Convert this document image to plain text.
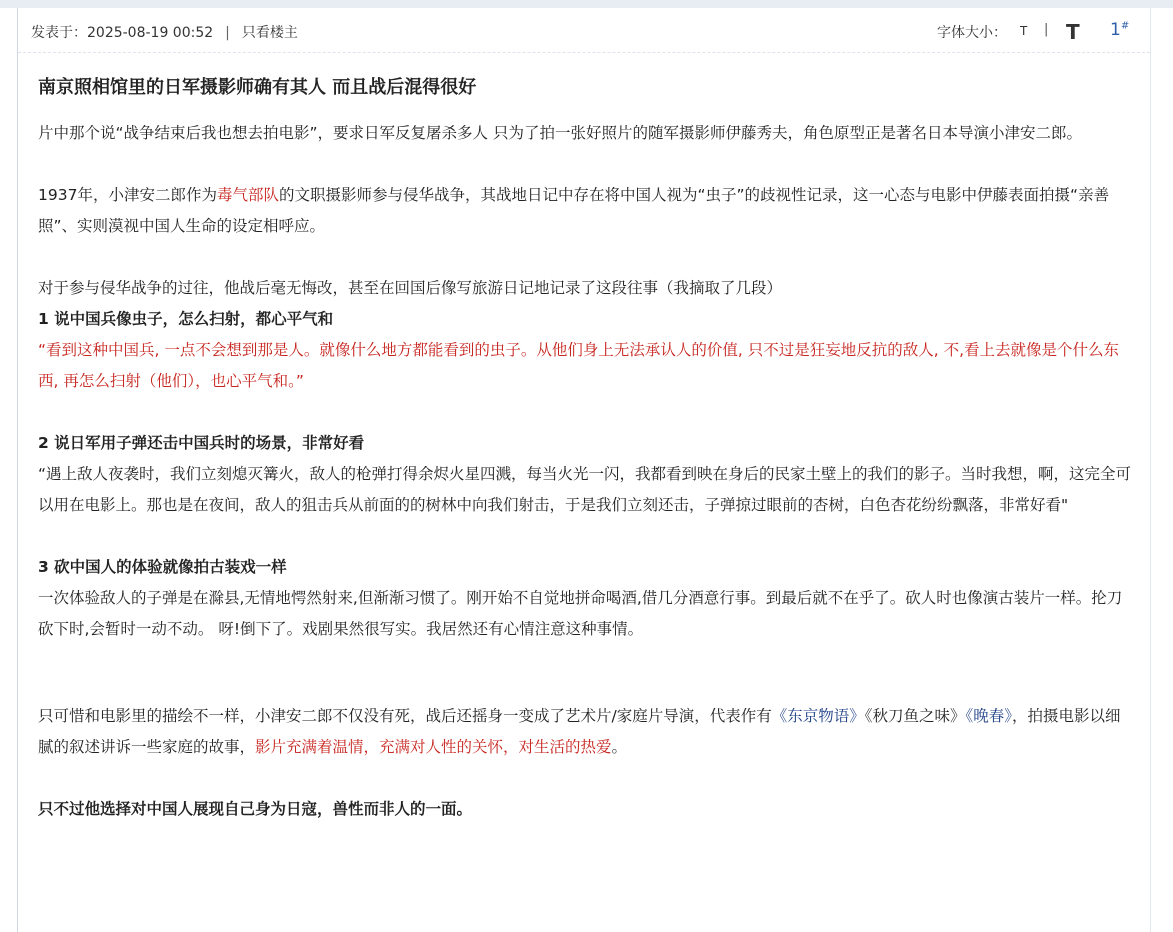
发表于：2025-08-19 00:52 | 只看楼主	字体大小： T | T 1#

南京照相馆里的日军摄影师确有其人 而且战后混得很好

片中那个说“战争结束后我也想去拍电影”，要求日军反复屠杀多人 只为了拍一张好照片的随军摄影师伊藤秀夫，角色原型正是著名日本导演小津安二郎。

1937年，小津安二郎作为毒气部队的文职摄影师参与侵华战争，其战地日记中存在将中国人视为“虫子”的歧视性记录，这一心态与电影中伊藤表面拍摄“亲善照”、实则漠视中国人生命的设定相呼应。

对于参与侵华战争的过往，他战后毫无悔改，甚至在回国后像写旅游日记地记录了这段往事（我摘取了几段）

1 说中国兵像虫子，怎么扫射，都心平气和

“看到这种中国兵, 一点不会想到那是人。就像什么地方都能看到的虫子。从他们身上无法承认人的价值, 只不过是狂妄地反抗的敌人, 不,看上去就像是个什么东西, 再怎么扫射（他们），也心平气和。”

2 说日军用子弹还击中国兵时的场景，非常好看

“遇上敌人夜袭时，我们立刻熄灭篝火，敌人的枪弹打得余烬火星四溅，每当火光一闪，我都看到映在身后的民家土壁上的我们的影子。当时我想，啊，这完全可以用在电影上。那也是在夜间，敌人的狙击兵从前面的的树林中向我们射击，于是我们立刻还击，子弹掠过眼前的杏树，白色杏花纷纷飘落，非常好看"

3 砍中国人的体验就像拍古装戏一样

一次体验敌人的子弹是在滁县,无情地愕然射来,但渐渐习惯了。刚开始不自觉地拼命喝酒,借几分酒意行事。到最后就不在乎了。砍人时也像演古装片一样。抡刀砍下时,会暂时一动不动。 呀!倒下了。戏剧果然很写实。我居然还有心情注意这种事情。

只可惜和电影里的描绘不一样，小津安二郎不仅没有死，战后还摇身一变成了艺术片/家庭片导演，代表作有《东京物语》《秋刀鱼之味》《晚春》，拍摄电影以细腻的叙述讲诉一些家庭的故事，影片充满着温情，充满对人性的关怀，对生活的热爱。

只不过他选择对中国人展现自己身为日寇，兽性而非人的一面。
